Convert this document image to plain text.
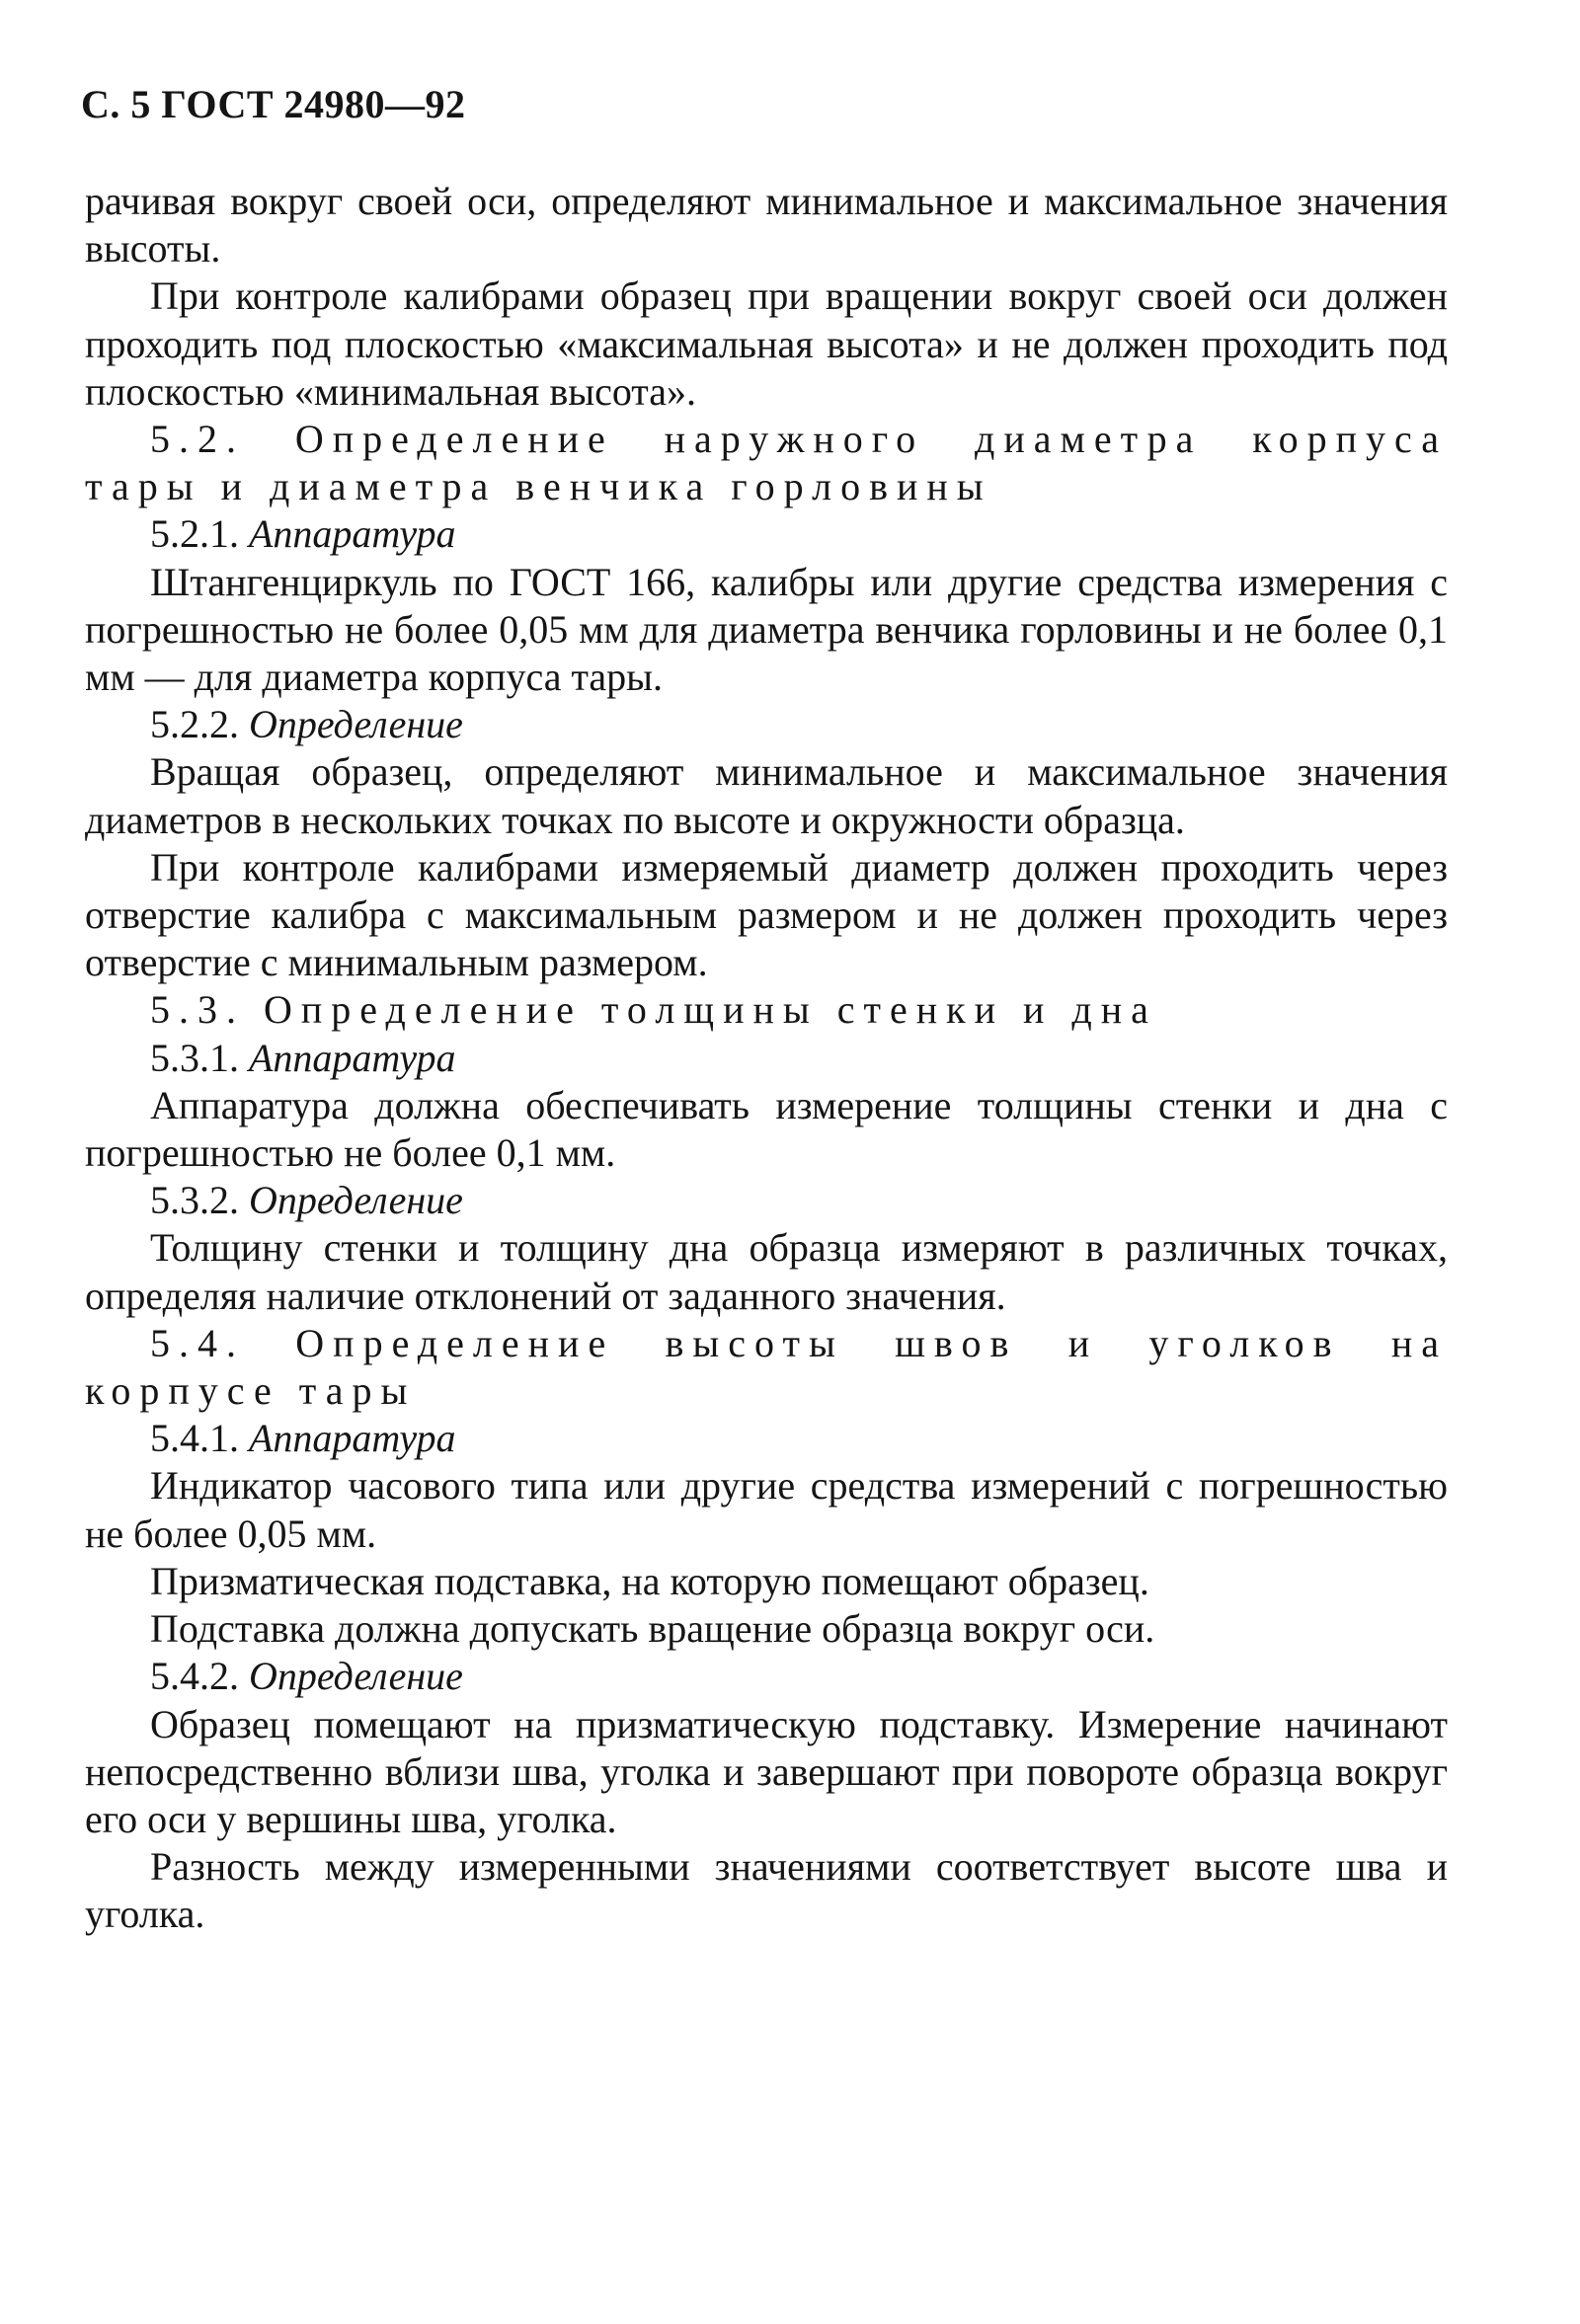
С. 5 ГОСТ 24980—92

рачивая вокруг своей оси, определяют минимальное и максимальное значения высоты.

При контроле калибрами образец при вращении вокруг своей оси должен проходить под плоскостью «максимальная высота» и не должен проходить под плоскостью «минимальная высота».

5.2. Определение наружного диаметра корпуса тары и диаметра венчика горловины

5.2.1. Аппаратура

Штангенциркуль по ГОСТ 166, калибры или другие средства измерения с погрешностью не более 0,05 мм для диаметра венчика горловины и не более 0,1 мм — для диаметра корпуса тары.

5.2.2. Определение

Вращая образец, определяют минимальное и максимальное значения диаметров в нескольких точках по высоте и окружности образца.

При контроле калибрами измеряемый диаметр должен проходить через отверстие калибра с максимальным размером и не должен проходить через отверстие с минимальным размером.

5.3. Определение толщины стенки и дна

5.3.1. Аппаратура

Аппаратура должна обеспечивать измерение толщины стенки и дна с погрешностью не более 0,1 мм.

5.3.2. Определение

Толщину стенки и толщину дна образца измеряют в различных точках, определяя наличие отклонений от заданного значения.

5.4. Определение высоты швов и уголков на корпусе тары

5.4.1. Аппаратура

Индикатор часового типа или другие средства измерений с погрешностью не более 0,05 мм.

Призматическая подставка, на которую помещают образец.

Подставка должна допускать вращение образца вокруг оси.

5.4.2. Определение

Образец помещают на призматическую подставку. Измерение начинают непосредственно вблизи шва, уголка и завершают при повороте образца вокруг его оси у вершины шва, уголка.

Разность между измеренными значениями соответствует высоте шва и уголка.
